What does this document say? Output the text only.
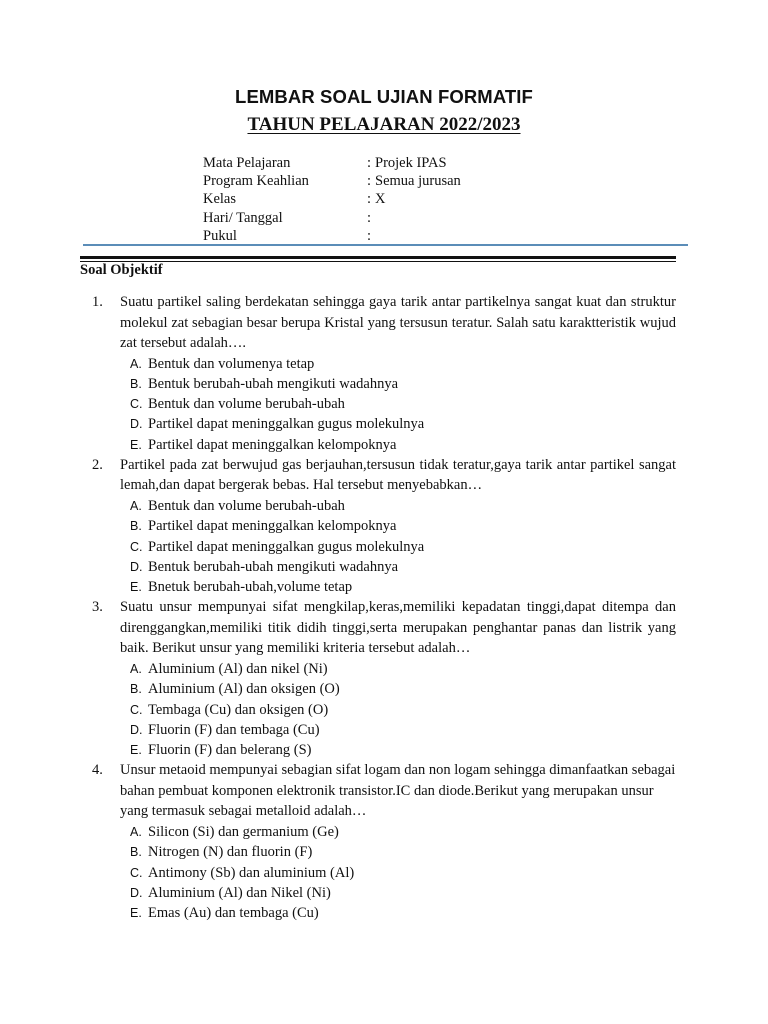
LEMBAR SOAL UJIAN FORMATIF
TAHUN PELAJARAN 2022/2023
Mata Pelajaran	: Projek IPAS
Program Keahlian	: Semua jurusan
Kelas	: X
Hari/ Tanggal	:
Pukul	:
Soal Objektif
1. Suatu partikel saling berdekatan sehingga gaya tarik antar partikelnya sangat kuat dan struktur molekul zat sebagian besar berupa Kristal yang tersusun teratur. Salah satu karaktteristik wujud zat tersebut adalah….
A. Bentuk dan volumenya tetap
B. Bentuk berubah-ubah mengikuti wadahnya
C. Bentuk dan volume berubah-ubah
D. Partikel dapat meninggalkan gugus molekulnya
E. Partikel dapat meninggalkan kelompoknya
2. Partikel pada zat berwujud gas berjauhan,tersusun tidak teratur,gaya tarik antar partikel sangat lemah,dan dapat bergerak bebas. Hal tersebut menyebabkan…
A. Bentuk dan volume berubah-ubah
B. Partikel dapat meninggalkan kelompoknya
C. Partikel dapat meninggalkan gugus molekulnya
D. Bentuk berubah-ubah mengikuti wadahnya
E. Bnetuk berubah-ubah,volume tetap
3. Suatu unsur mempunyai sifat mengkilap,keras,memiliki kepadatan tinggi,dapat ditempa dan direnggangkan,memiliki titik didih tinggi,serta merupakan penghantar panas dan listrik yang baik. Berikut unsur yang memiliki kriteria tersebut adalah…
A. Aluminium (Al) dan nikel (Ni)
B. Aluminium (Al) dan oksigen (O)
C. Tembaga (Cu) dan oksigen (O)
D. Fluorin (F) dan tembaga (Cu)
E. Fluorin (F) dan belerang (S)
4. Unsur metaoid mempunyai sebagian sifat logam dan non logam sehingga dimanfaatkan sebagai bahan pembuat komponen elektronik transistor.IC dan diode.Berikut yang merupakan unsur yang termasuk sebagai metalloid adalah…
A. Silicon (Si) dan germanium (Ge)
B. Nitrogen (N) dan fluorin (F)
C. Antimony (Sb) dan aluminium (Al)
D. Aluminium (Al) dan Nikel (Ni)
E. Emas (Au) dan tembaga (Cu)
